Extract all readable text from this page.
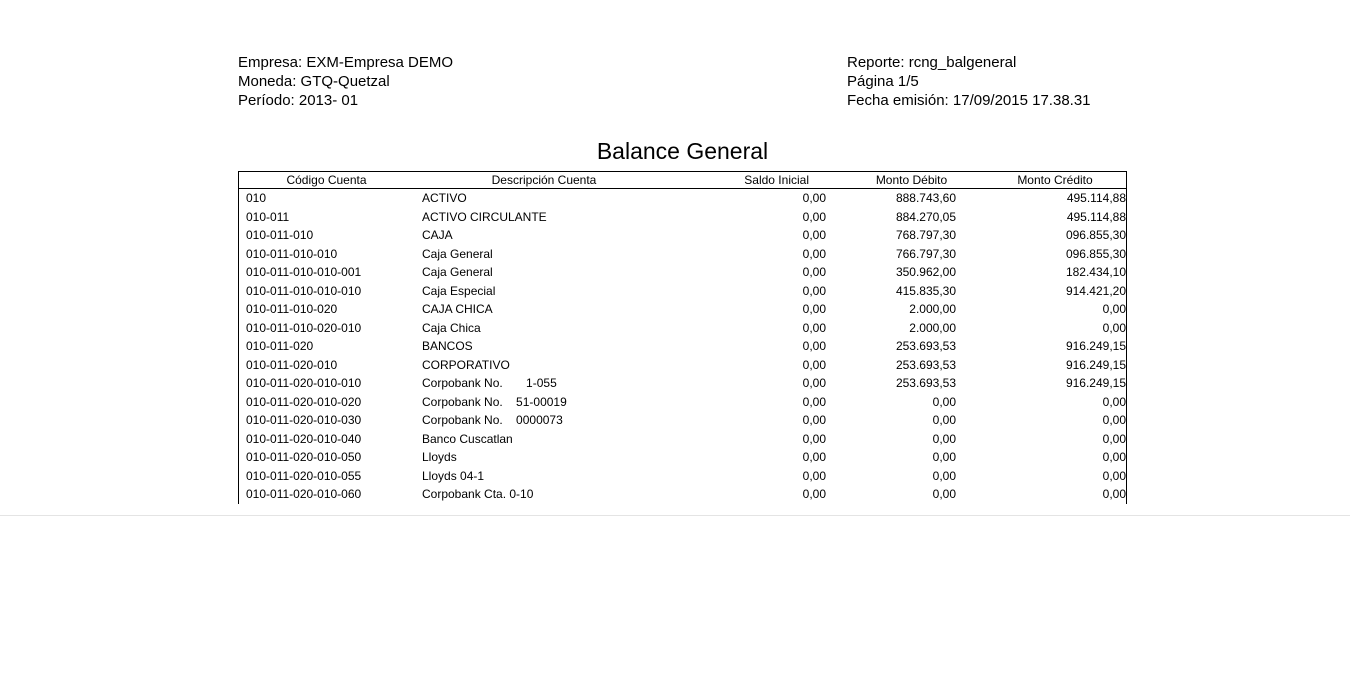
Empresa: EXM-Empresa DEMO
Moneda: GTQ-Quetzal
Período: 2013- 01
Reporte: rcng_balgeneral
Página 1/5
Fecha emisión: 17/09/2015 17.38.31
Balance General
Código Cuenta	Descripción Cuenta	Saldo Inicial	Monto Débito	Monto Crédito
010	ACTIVO	0,00	888.743,60	495.114,88
010-011	ACTIVO CIRCULANTE	0,00	884.270,05	495.114,88
010-011-010	CAJA	0,00	768.797,30	096.855,30
010-011-010-010	Caja General	0,00	766.797,30	096.855,30
010-011-010-010-001	Caja General	0,00	350.962,00	182.434,10
010-011-010-010-010	Caja Especial	0,00	415.835,30	914.421,20
010-011-010-020	CAJA CHICA	0,00	2.000,00	0,00
010-011-010-020-010	Caja Chica	0,00	2.000,00	0,00
010-011-020	BANCOS	0,00	253.693,53	916.249,15
010-011-020-010	CORPORATIVO	0,00	253.693,53	916.249,15
010-011-020-010-010	Corpobank No.       1-055	0,00	253.693,53	916.249,15
010-011-020-010-020	Corpobank No.    51-00019	0,00	0,00	0,00
010-011-020-010-030	Corpobank No.    0000073	0,00	0,00	0,00
010-011-020-010-040	Banco Cuscatlan	0,00	0,00	0,00
010-011-020-010-050	Lloyds	0,00	0,00	0,00
010-011-020-010-055	Lloyds 04-1	0,00	0,00	0,00
010-011-020-010-060	Corpobank Cta. 0-10	0,00	0,00	0,00
